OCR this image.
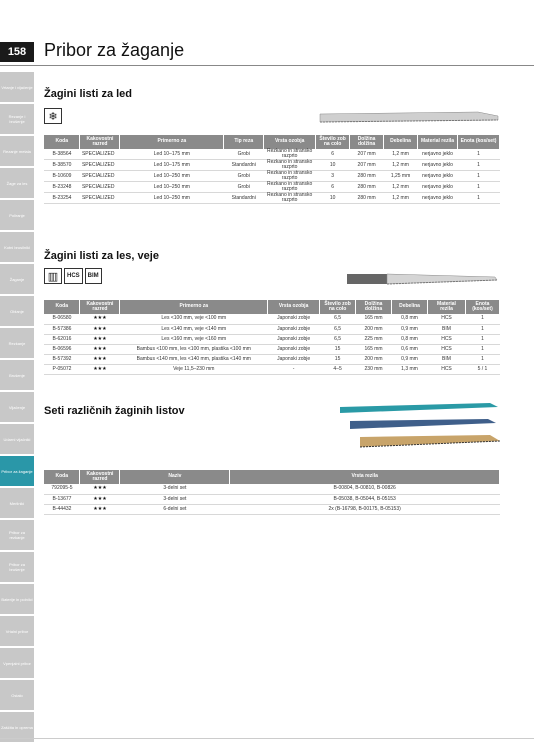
158 Pribor za žaganje
Vrtanje i vijačenje
Rezanje i brušenje
Rezanje metala
Žage za les
Poliranje
Kotni brusilniki
Žaganje
Oblanje
Rezkanje
Brušenje
Vijačenje
Udarni vijačniki
Pribor za žaganje
Merilniki
Pribor za rezkanje
Pribor za brušenje
Baterije in polnilci
Vrtalni pribor
Vpenjalni pribor
Ostalo
Zaščita in oprema
Žagini listi za led
❄
Koda	Kakovostni razred	Primerno za	Tip reza	Vrsta ozobja	Število zob na colo	Dolžina dolžina	Debelina	Material rezila	Enota (kos/set)
B-38564	SPECIALIZED	Led 10–175 mm	Grobi	Rezkano in stransko razprto	6	207 mm	1,2 mm	nerjavno jeklo	1
B-38570	SPECIALIZED	Led 10–175 mm	Standardni	Rezkano in stransko razprto	10	207 mm	1,2 mm	nerjavno jeklo	1
B-10609	SPECIALIZED	Led 10–250 mm	Grobi	Rezkano in stransko razprto	3	280 mm	1,25 mm	nerjavno jeklo	1
B-23248	SPECIALIZED	Led 10–250 mm	Grobi	Rezkano in stransko razprto	6	280 mm	1,2 mm	nerjavno jeklo	1
B-23254	SPECIALIZED	Led 10–250 mm	Standardni	Rezkano in stransko razprto	10	280 mm	1,2 mm	nerjavno jeklo	1
Žagini listi za les, veje
▥	HCS	BIM
Koda	Kakovostni razred	Primerno za	Vrsta ozobja	Število zob na colo	Dolžina dolžina	Debelina	Material rezila	Enota (kos/set)
B-06580	★★★	Les <100 mm, veje <100 mm	Japonski zobje	6,5	165 mm	0,8 mm	HCS	1
B-57386	★★★	Les <140 mm, veje <140 mm	Japonski zobje	6,5	200 mm	0,9 mm	BIM	1
B-62016	★★★	Les <160 mm, veje <160 mm	Japonski zobje	6,5	225 mm	0,8 mm	HCS	1
B-06596	★★★	Bambus <100 mm, les <100 mm, plastika <100 mm	Japonski zobje	15	165 mm	0,6 mm	HCS	1
B-57392	★★★	Bambus <140 mm, les <140 mm, plastika <140 mm	Japonski zobje	15	200 mm	0,9 mm	BIM	1
P-05072	★★★	Veje 11,5–230 mm	-	4–5	230 mm	1,3 mm	HCS	5 / 1
Seti različnih žaginih listov
Koda	Kakovostni razred	Naziv	Vrsta rezila
792095-5	★★★	3-delni set	B-00804, B-00810, B-00826
B-13677	★★★	3-delni set	B-05038, B-05044, B-05153
B-44432	★★★	6-delni set	2x (B-16798, B-00175, B-05153)
